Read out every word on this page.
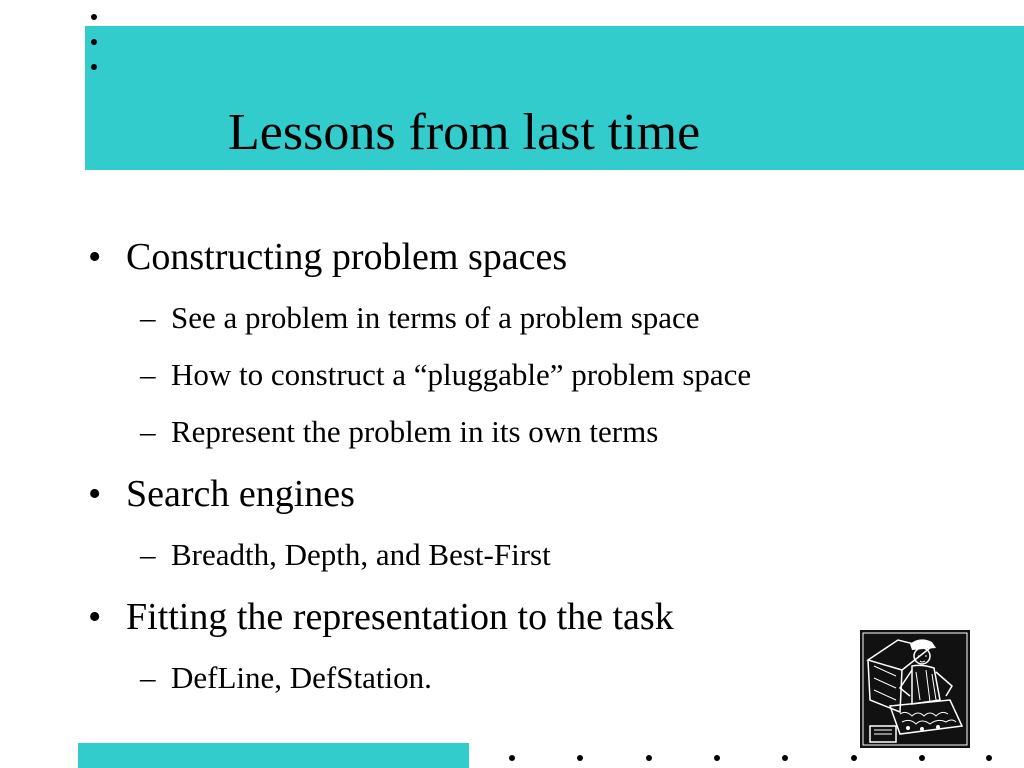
Lessons from last time
• Constructing problem spaces
– See a problem in terms of a problem space
– How to construct a “pluggable” problem space
– Represent the problem in its own terms
• Search engines
– Breadth, Depth, and Best-First
• Fitting the representation to the task
– DefLine, DefStation.
